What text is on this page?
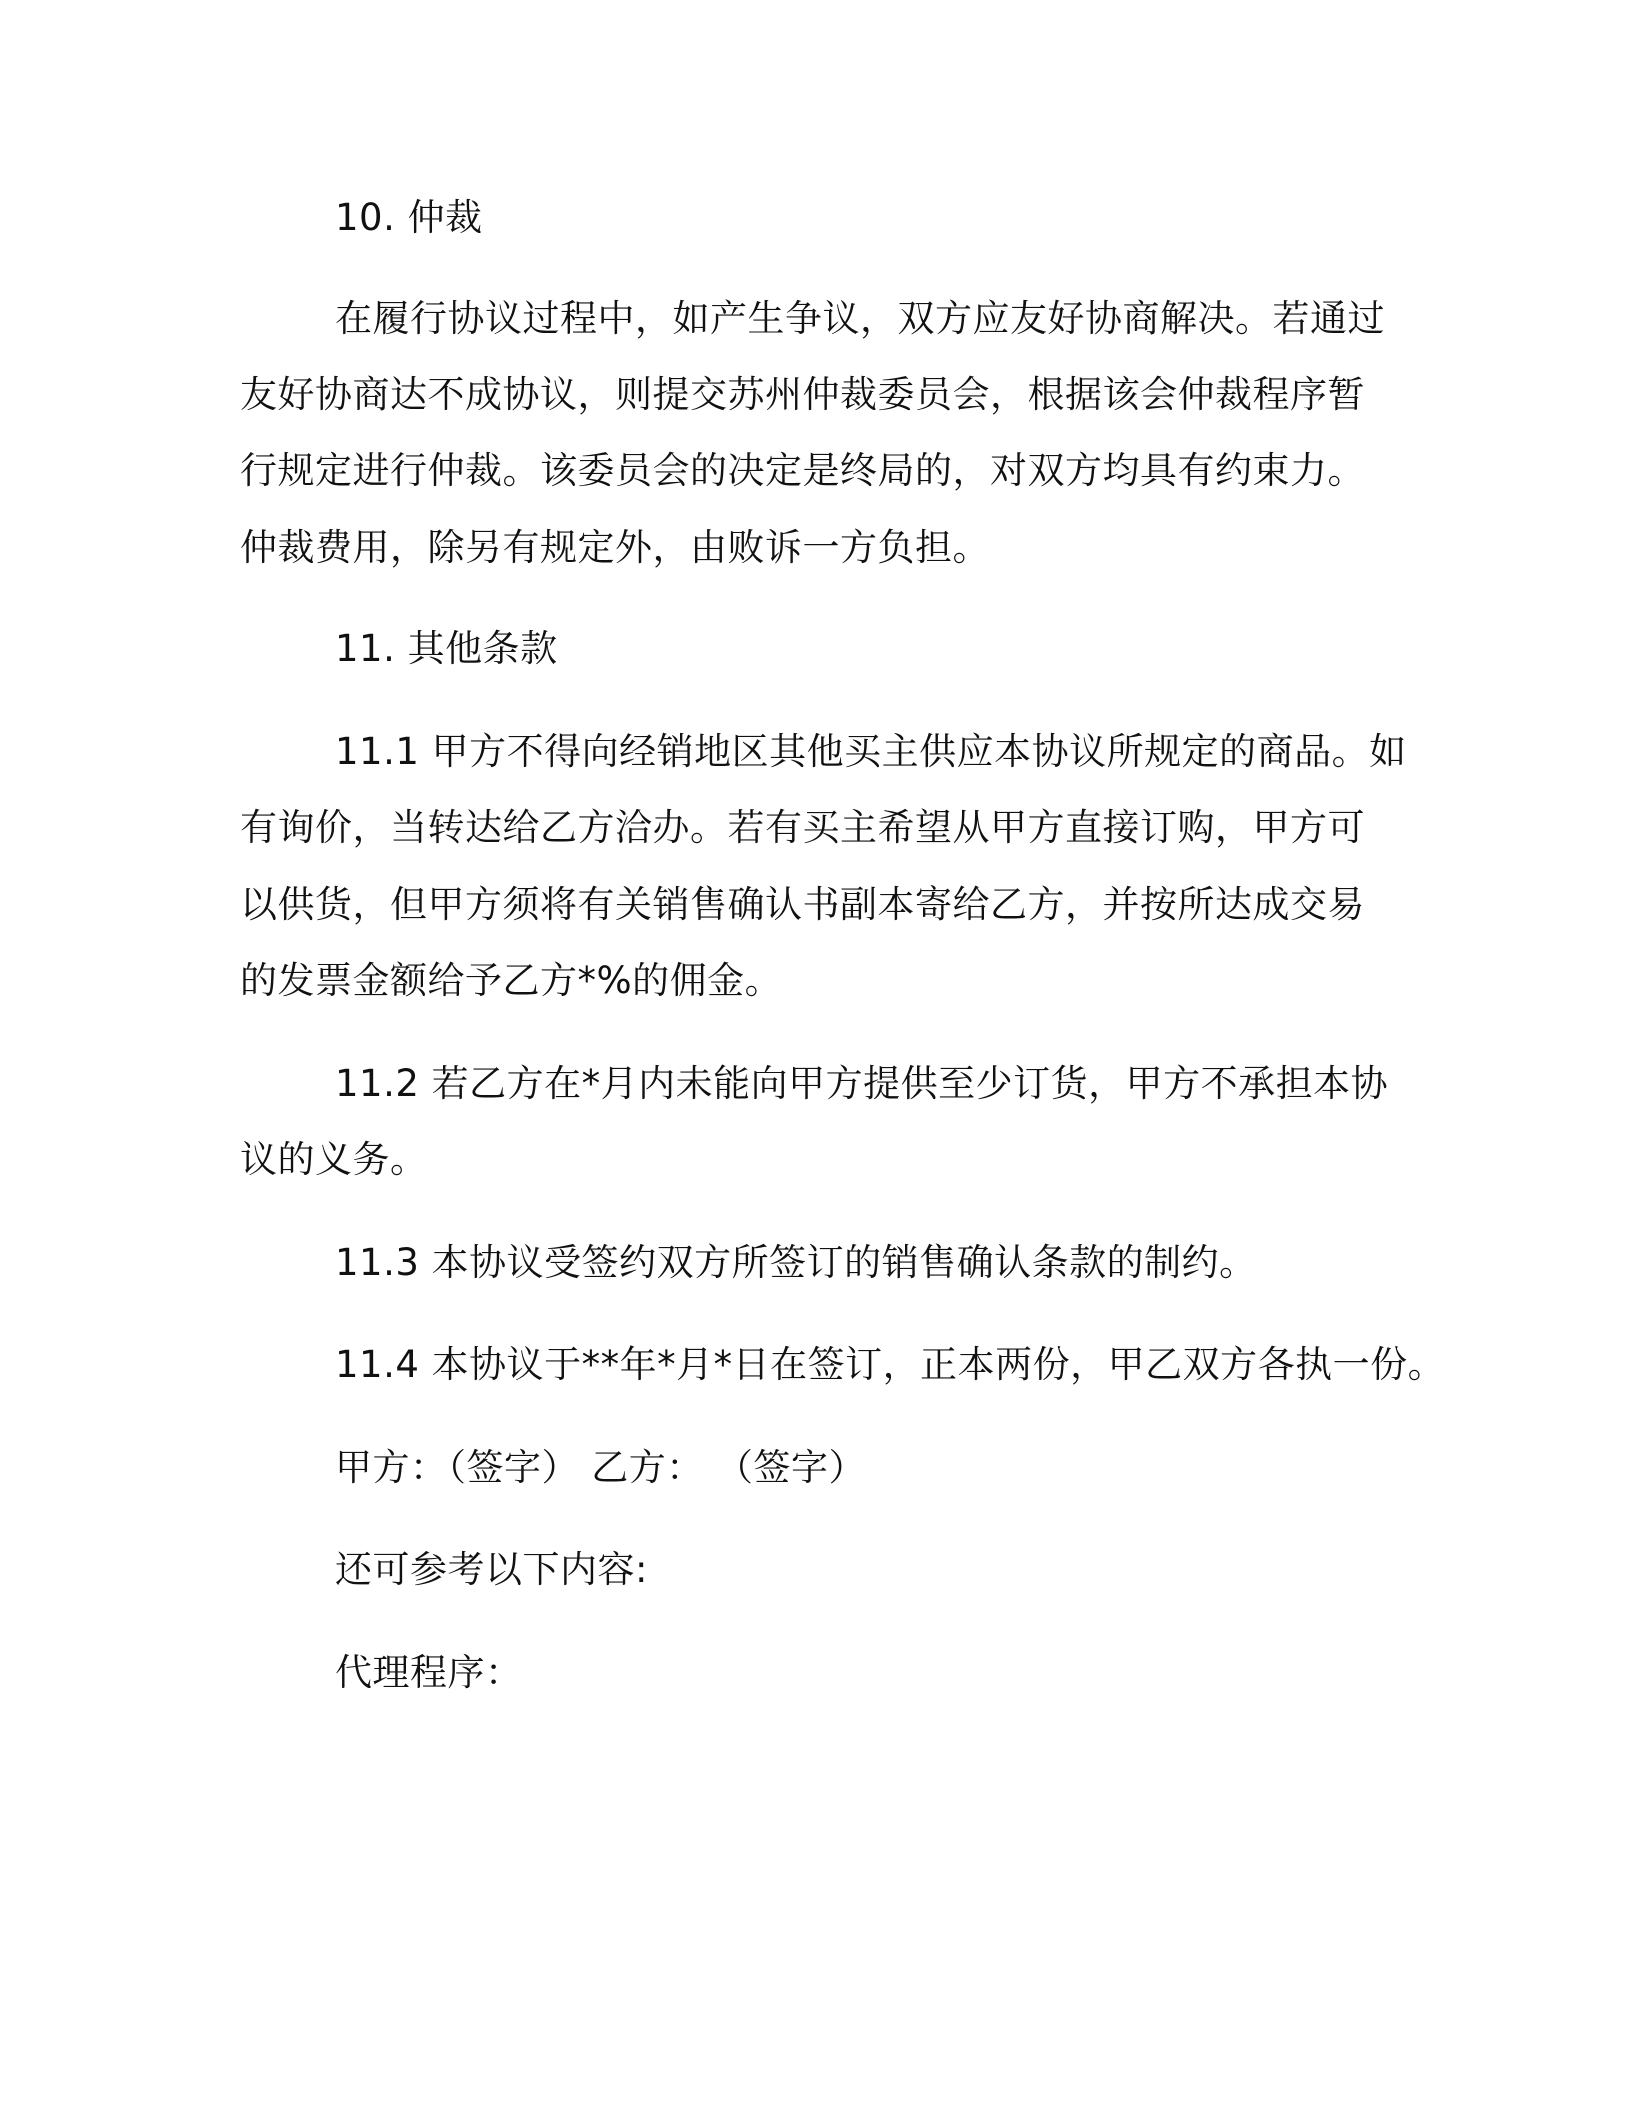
10. 仲裁
在履行协议过程中，如产生争议，双方应友好协商解决。若通过
友好协商达不成协议，则提交苏州仲裁委员会，根据该会仲裁程序暂
行规定进行仲裁。该委员会的决定是终局的，对双方均具有约束力。
仲裁费用，除另有规定外，由败诉一方负担。
11. 其他条款
11.1 甲方不得向经销地区其他买主供应本协议所规定的商品。如
有询价，当转达给乙方洽办。若有买主希望从甲方直接订购，甲方可
以供货，但甲方须将有关销售确认书副本寄给乙方，并按所达成交易
的发票金额给予乙方*%的佣金。
11.2 若乙方在*月内未能向甲方提供至少订货，甲方不承担本协
议的义务。
11.3 本协议受签约双方所签订的销售确认条款的制约。
11.4 本协议于**年*月*日在签订，正本两份，甲乙双方各执一份。
甲方：（签字） 乙方： （签字）
还可参考以下内容:
代理程序：
